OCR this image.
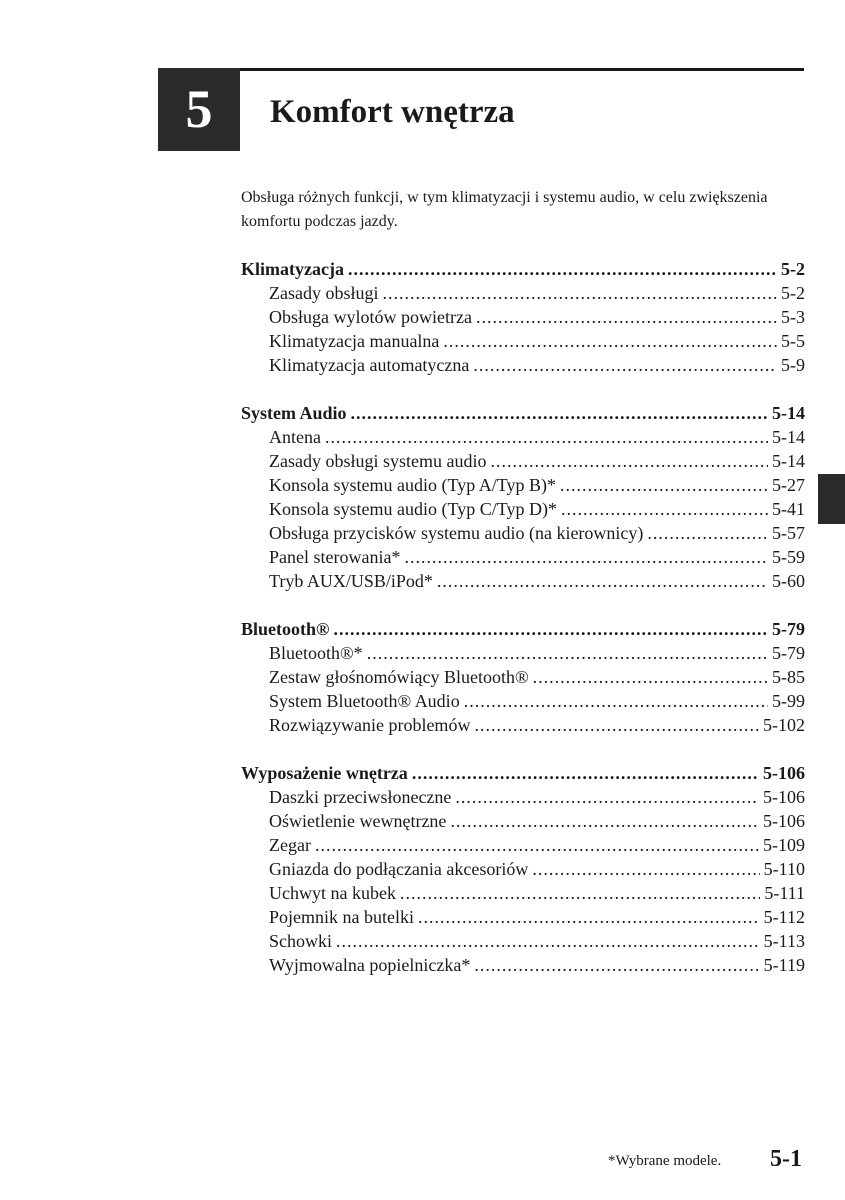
5	Komfort wnętrza
Obsługa różnych funkcji, w tym klimatyzacji i systemu audio, w celu zwiększenia komfortu podczas jazdy.
Klimatyzacja .....	5-2
Zasady obsługi .....	5-2
Obsługa wylotów powietrza .....	5-3
Klimatyzacja manualna .....	5-5
Klimatyzacja automatyczna .....	5-9
System Audio .....	5-14
Antena .....	5-14
Zasady obsługi systemu audio .....	5-14
Konsola systemu audio (Typ A/Typ B)* .....	5-27
Konsola systemu audio (Typ C/Typ D)* .....	5-41
Obsługa przycisków systemu audio (na kierownicy) .....	5-57
Panel sterowania* .....	5-59
Tryb AUX/USB/iPod* .....	5-60
Bluetooth® .....	5-79
Bluetooth®* .....	5-79
Zestaw głośnomówiący Bluetooth® .....	5-85
System Bluetooth® Audio .....	5-99
Rozwiązywanie problemów .....	5-102
Wyposażenie wnętrza .....	5-106
Daszki przeciwsłoneczne .....	5-106
Oświetlenie wewnętrzne .....	5-106
Zegar .....	5-109
Gniazda do podłączania akcesoriów .....	5-110
Uchwyt na kubek .....	5-111
Pojemnik na butelki .....	5-112
Schowki .....	5-113
Wyjmowalna popielniczka* .....	5-119
*Wybrane modele. 5-1
